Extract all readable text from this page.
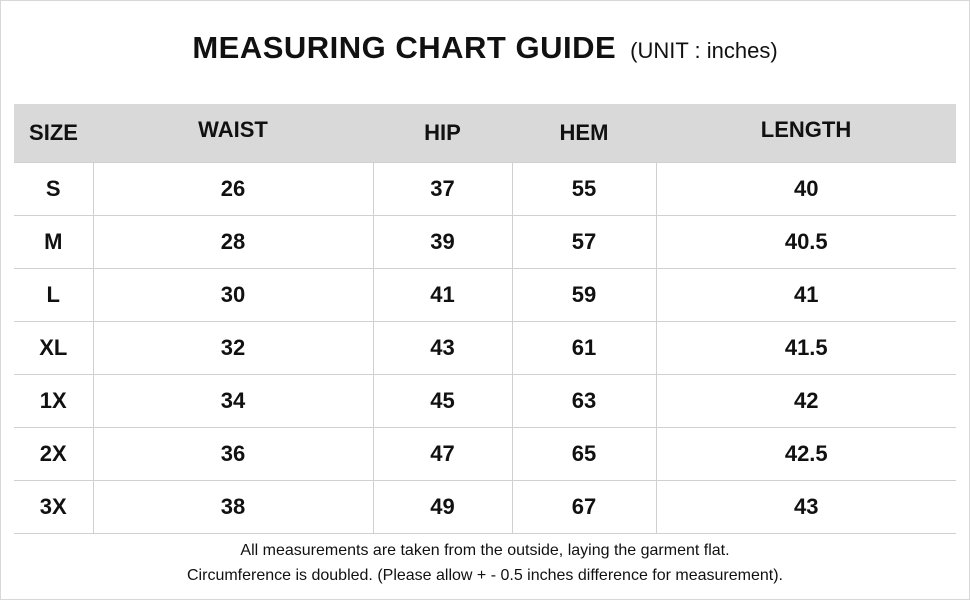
MEASURING CHART GUIDE (UNIT : inches)
SIZE	WAIST	HIP	HEM	LENGTH
S	26	37	55	40
M	28	39	57	40.5
L	30	41	59	41
XL	32	43	61	41.5
1X	34	45	63	42
2X	36	47	65	42.5
3X	38	49	67	43
All measurements are taken from the outside, laying the garment flat.
Circumference is doubled. (Please allow + - 0.5 inches difference for measurement).
